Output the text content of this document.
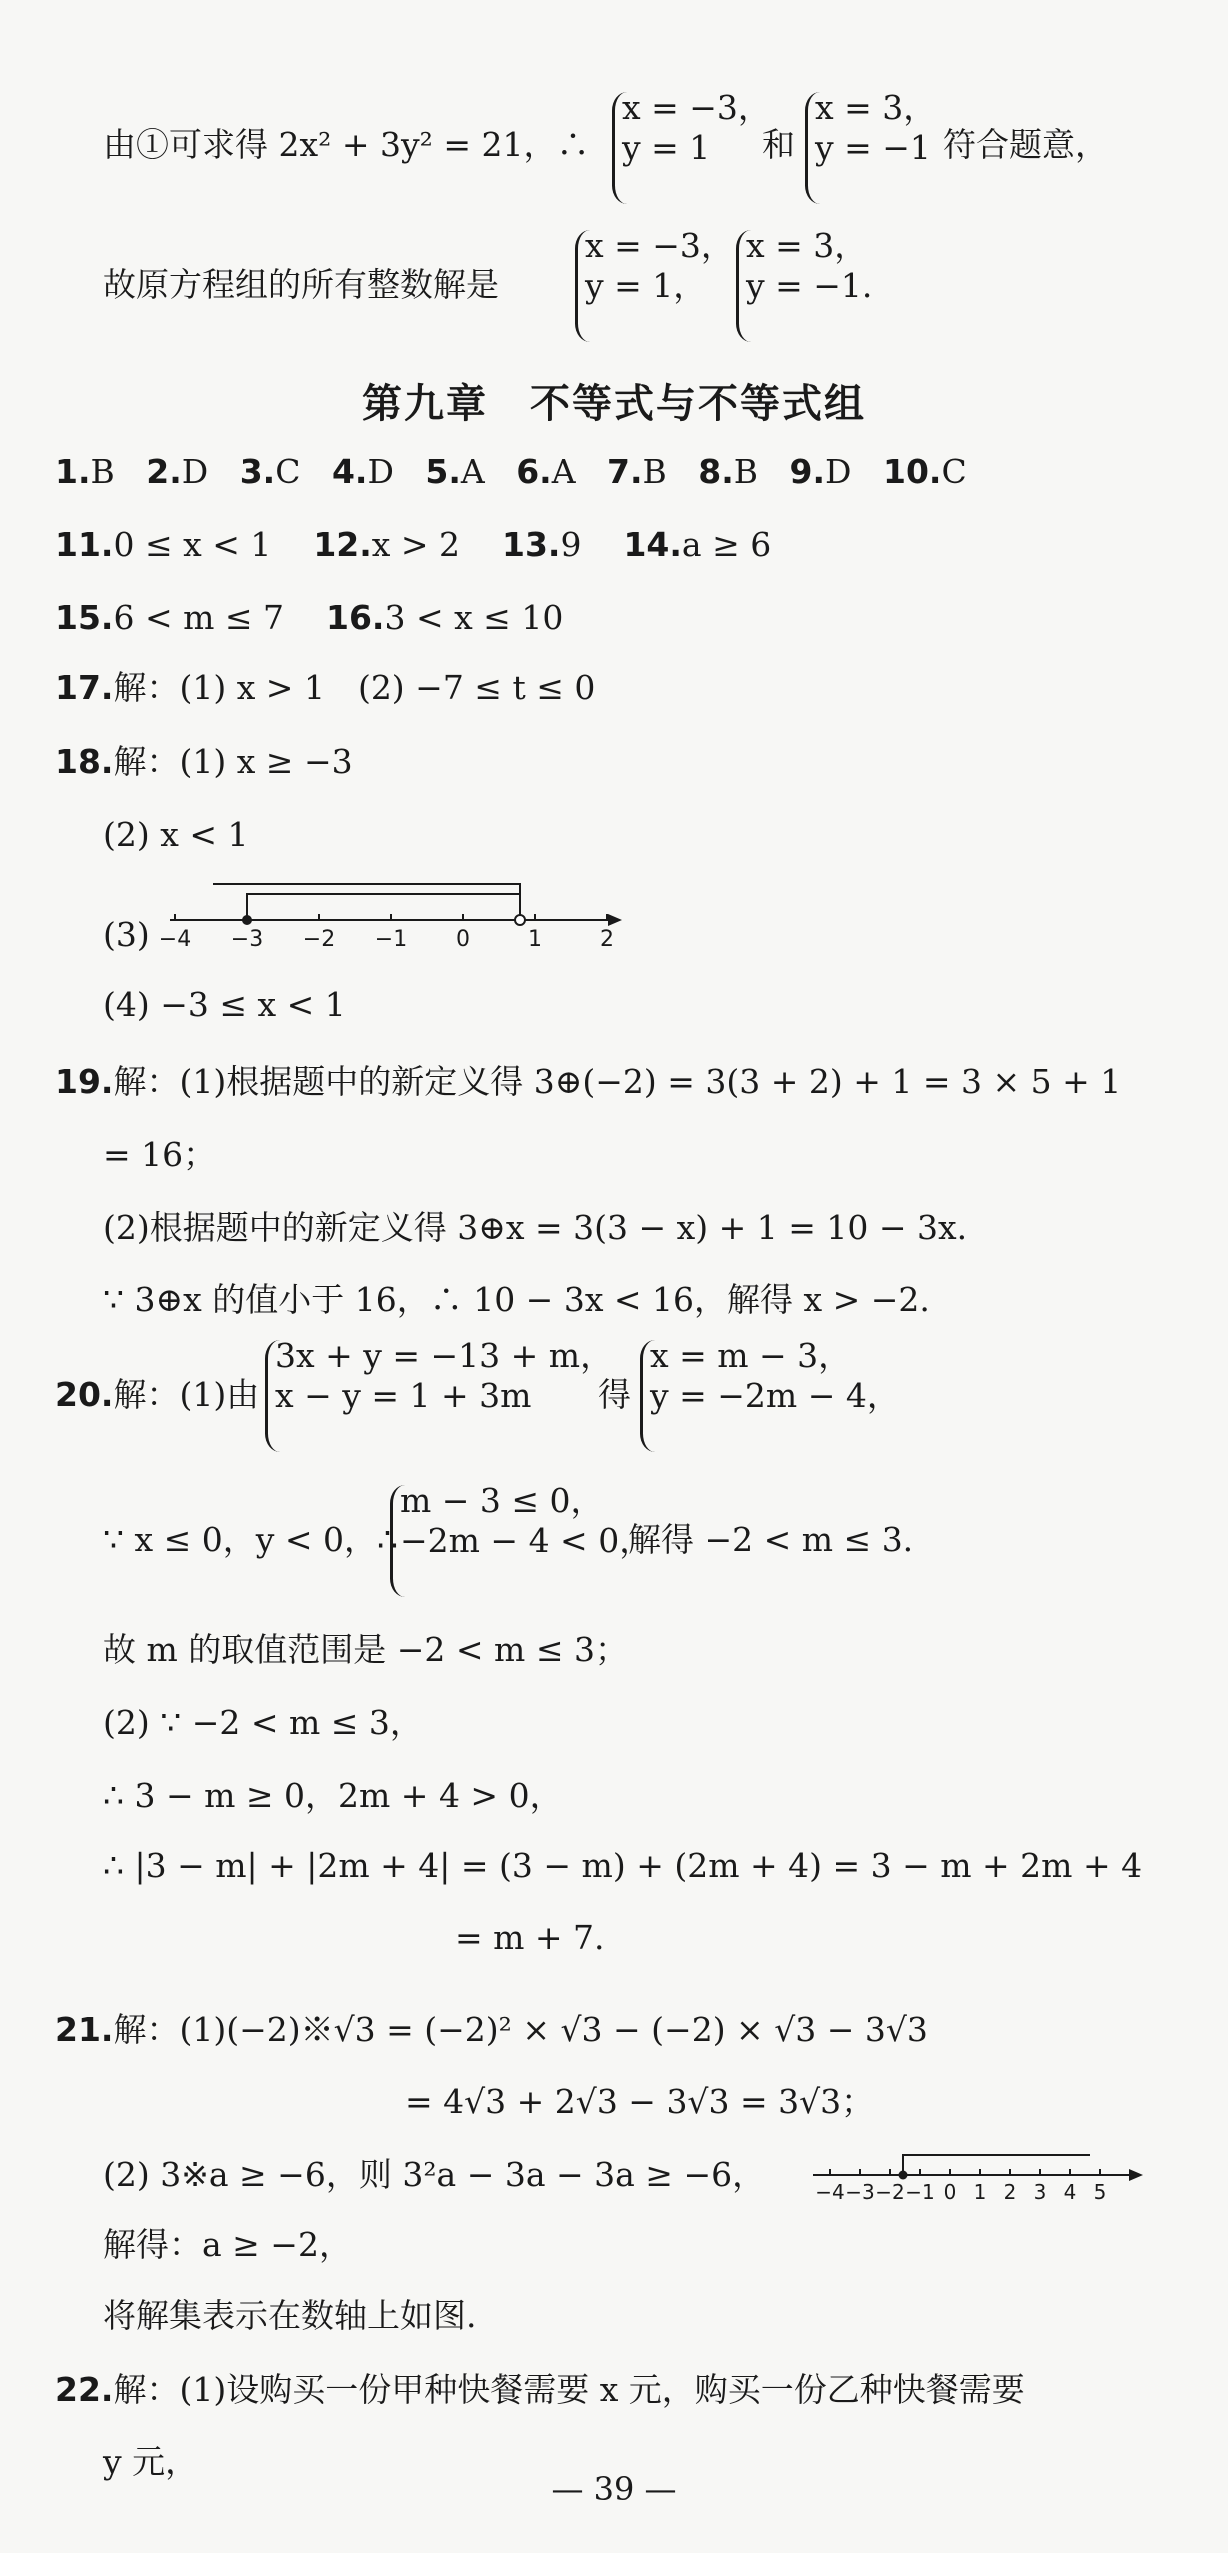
由①可求得 2x² + 3y² = 21，∴
x = −3，
y = 1	和
x = 3，
y = −1 符合题意，
故原方程组的所有整数解是
x = −3，
y = 1，
x = 3，
y = −1.
第九章　不等式与不等式组
1.B 2.D 3.C 4.D 5.A 6.A 7.B 8.B 9.D 10.C
11.0 ≤ x < 1 12.x > 2 13.9 14.a ≥ 6
15.6 < m ≤ 7 16.3 < x ≤ 10
17.解：(1) x > 1　(2) −7 ≤ t ≤ 0
18.解：(1) x ≥ −3
(2) x < 1
(3) −4 −3 −2 −1 0	1	2
(4) −3 ≤ x < 1
19.解：(1)根据题中的新定义得 3⊕(−2) = 3(3 + 2) + 1 = 3 × 5 + 1
= 16；
(2)根据题中的新定义得 3⊕x = 3(3 − x) + 1 = 10 − 3x.
∵ 3⊕x 的值小于 16，∴ 10 − 3x < 16，解得 x > −2.
20.解：(1)由
3x + y = −13 + m，
x − y = 1 + 3m	得
x = m − 3，
y = −2m − 4，
∵ x ≤ 0，y < 0，∴
m − 3 ≤ 0，
−2m − 4 < 0，
解得 −2 < m ≤ 3.
故 m 的取值范围是 −2 < m ≤ 3；
(2) ∵ −2 < m ≤ 3，
∴ 3 − m ≥ 0，2m + 4 > 0，
∴ |3 − m| + |2m + 4| = (3 − m) + (2m + 4) = 3 − m + 2m + 4
= m + 7.
21.解：(1)(−2)※√3 = (−2)² × √3 − (−2) × √3 − 3√3
= 4√3 + 2√3 − 3√3 = 3√3；
(2) 3※a ≥ −6，则 3²a − 3a − 3a ≥ −6，	−4 −3 −2 −1 0 1 2 3 4 5
解得：a ≥ −2，
将解集表示在数轴上如图.
22.解：(1)设购买一份甲种快餐需要 x 元，购买一份乙种快餐需要
y 元，
— 39 —
